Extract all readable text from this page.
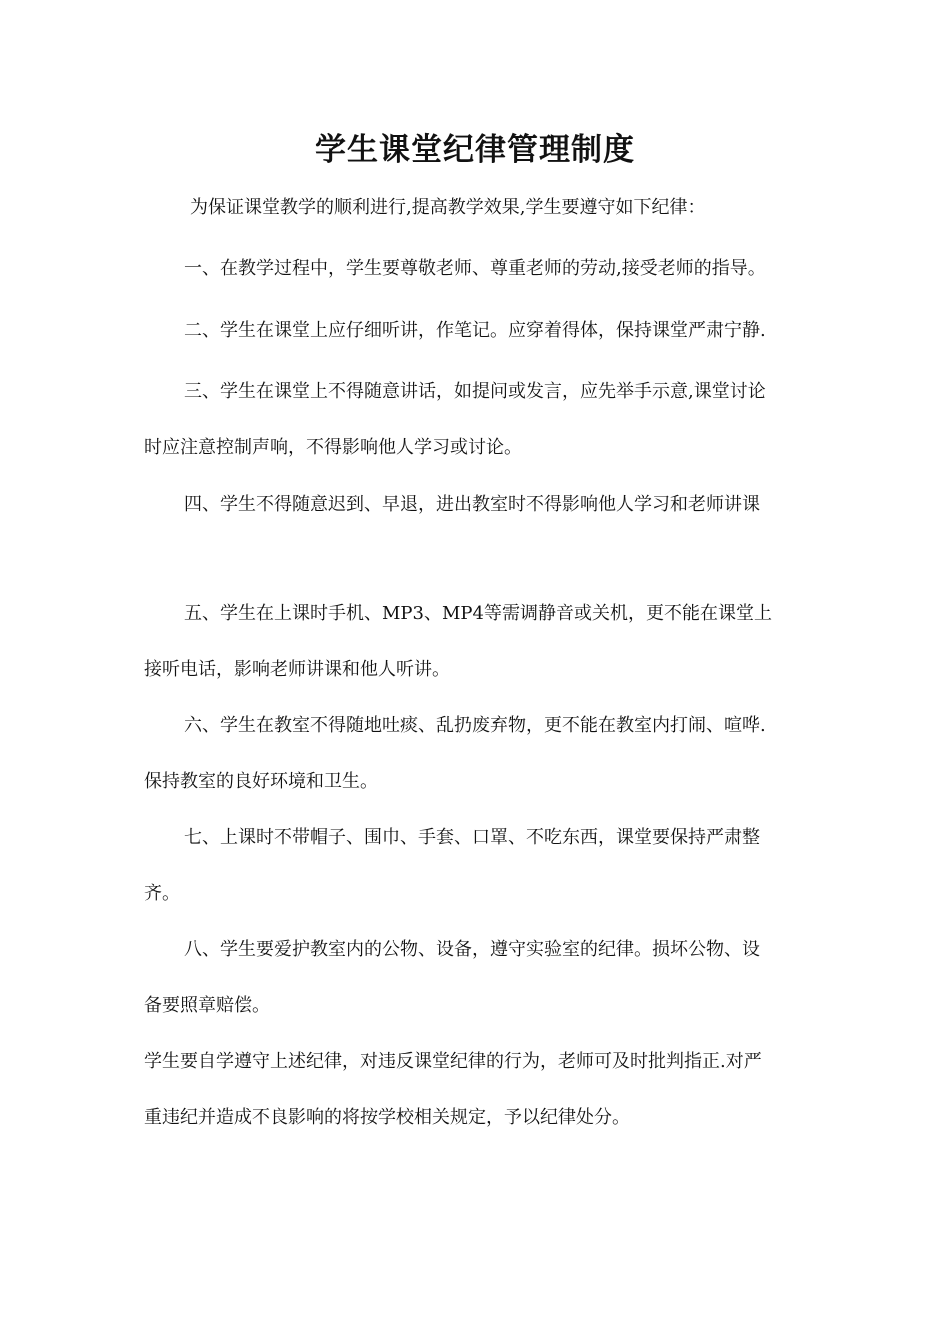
学生课堂纪律管理制度

为保证课堂教学的顺利进行,提高教学效果,学生要遵守如下纪律：

一、在教学过程中，学生要尊敬老师、尊重老师的劳动,接受老师的指导。

二、学生在课堂上应仔细听讲，作笔记。应穿着得体，保持课堂严肃宁静.

三、学生在课堂上不得随意讲话，如提问或发言，应先举手示意,课堂讨论
时应注意控制声响，不得影响他人学习或讨论。

四、学生不得随意迟到、早退，进出教室时不得影响他人学习和老师讲课

五、学生在上课时手机、MP3、MP4等需调静音或关机，更不能在课堂上
接听电话，影响老师讲课和他人听讲。

六、学生在教室不得随地吐痰、乱扔废弃物，更不能在教室内打闹、喧哗.
保持教室的良好环境和卫生。

七、上课时不带帽子、围巾、手套、口罩、不吃东西，课堂要保持严肃整
齐。

八、学生要爱护教室内的公物、设备，遵守实验室的纪律。损坏公物、设
备要照章赔偿。

学生要自学遵守上述纪律，对违反课堂纪律的行为，老师可及时批判指正.对严
重违纪并造成不良影响的将按学校相关规定，予以纪律处分。
